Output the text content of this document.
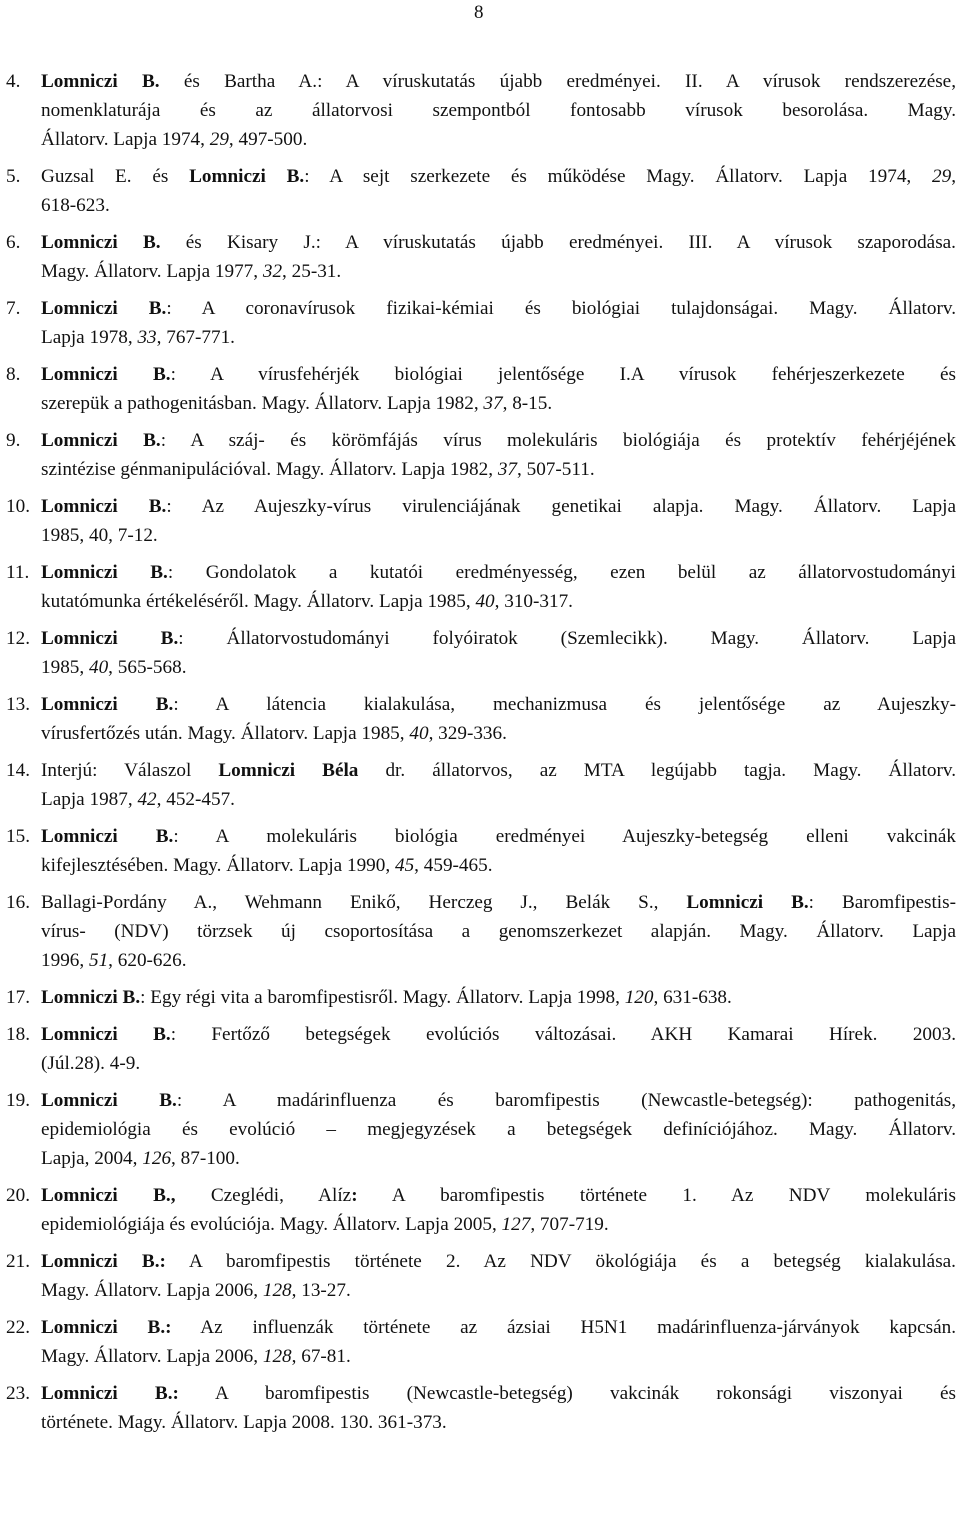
8
4.	Lomniczi B. és Bartha A.: A víruskutatás újabb eredményei. II. A vírusok rendszerezése,
nomenklaturája és az állatorvosi szempontból fontosabb vírusok besorolása. Magy.
Állatorv. Lapja 1974, 29, 497-500.
5.	Guzsal E. és Lomniczi B.: A sejt szerkezete és működése Magy. Állatorv. Lapja 1974, 29,
618-623.
6.	Lomniczi B. és Kisary J.: A víruskutatás újabb eredményei. III. A vírusok szaporodása.
Magy. Állatorv. Lapja 1977, 32, 25-31.
7.	Lomniczi B.: A coronavírusok fizikai-kémiai és biológiai tulajdonságai. Magy. Állatorv.
Lapja 1978, 33, 767-771.
8.	Lomniczi B.: A vírusfehérjék biológiai jelentősége I.A vírusok fehérjeszerkezete és
szerepük a pathogenitásban. Magy. Állatorv. Lapja 1982, 37, 8-15.
9.	Lomniczi B.: A száj- és körömfájás vírus molekuláris biológiája és protektív fehérjéjének
szintézise génmanipulációval. Magy. Állatorv. Lapja 1982, 37, 507-511.
10. Lomniczi B.: Az Aujeszky-vírus virulenciájának genetikai alapja. Magy. Állatorv. Lapja
1985, 40, 7-12.
11. Lomniczi B.: Gondolatok a kutatói eredményesség, ezen belül az állatorvostudományi
kutatómunka értékeléséről. Magy. Állatorv. Lapja 1985, 40, 310-317.
12. Lomniczi B.: Állatorvostudományi folyóiratok (Szemlecikk). Magy. Állatorv. Lapja
1985, 40, 565-568.
13. Lomniczi B.: A látencia kialakulása, mechanizmusa és jelentősége az Aujeszky-
vírusfertőzés után. Magy. Állatorv. Lapja 1985, 40, 329-336.
14. Interjú: Válaszol Lomniczi Béla dr. állatorvos, az MTA legújabb tagja. Magy. Állatorv.
Lapja 1987, 42, 452-457.
15. Lomniczi B.: A molekuláris biológia eredményei Aujeszky-betegség elleni vakcinák
kifejlesztésében. Magy. Állatorv. Lapja 1990, 45, 459-465.
16. Ballagi-Pordány A., Wehmann Enikő, Herczeg J., Belák S., Lomniczi B.: Baromfipestis-
vírus- (NDV) törzsek új csoportosítása a genomszerkezet alapján. Magy. Állatorv. Lapja
1996, 51, 620-626.
17. Lomniczi B.: Egy régi vita a baromfipestisről. Magy. Állatorv. Lapja 1998, 120, 631-638.
18. Lomniczi B.: Fertőző betegségek evolúciós változásai. AKH Kamarai Hírek. 2003.
(Júl.28). 4-9.
19. Lomniczi B.: A madárinfluenza és baromfipestis (Newcastle-betegség): pathogenitás,
epidemiológia és evolúció – megjegyzések a betegségek definíciójához. Magy. Állatorv.
Lapja, 2004, 126, 87-100.
20. Lomniczi B., Czeglédi, Alíz: A baromfipestis története 1. Az NDV molekuláris
epidemiológiája és evolúciója. Magy. Állatorv. Lapja 2005, 127, 707-719.
21. Lomniczi B.: A baromfipestis története 2. Az NDV ökológiája és a betegség kialakulása.
Magy. Állatorv. Lapja 2006, 128, 13-27.
22. Lomniczi B.: Az influenzák története az ázsiai H5N1 madárinfluenza-járványok kapcsán.
Magy. Állatorv. Lapja 2006, 128, 67-81.
23. Lomniczi B.: A baromfipestis (Newcastle-betegség) vakcinák rokonsági viszonyai és
története. Magy. Állatorv. Lapja 2008. 130. 361-373.
